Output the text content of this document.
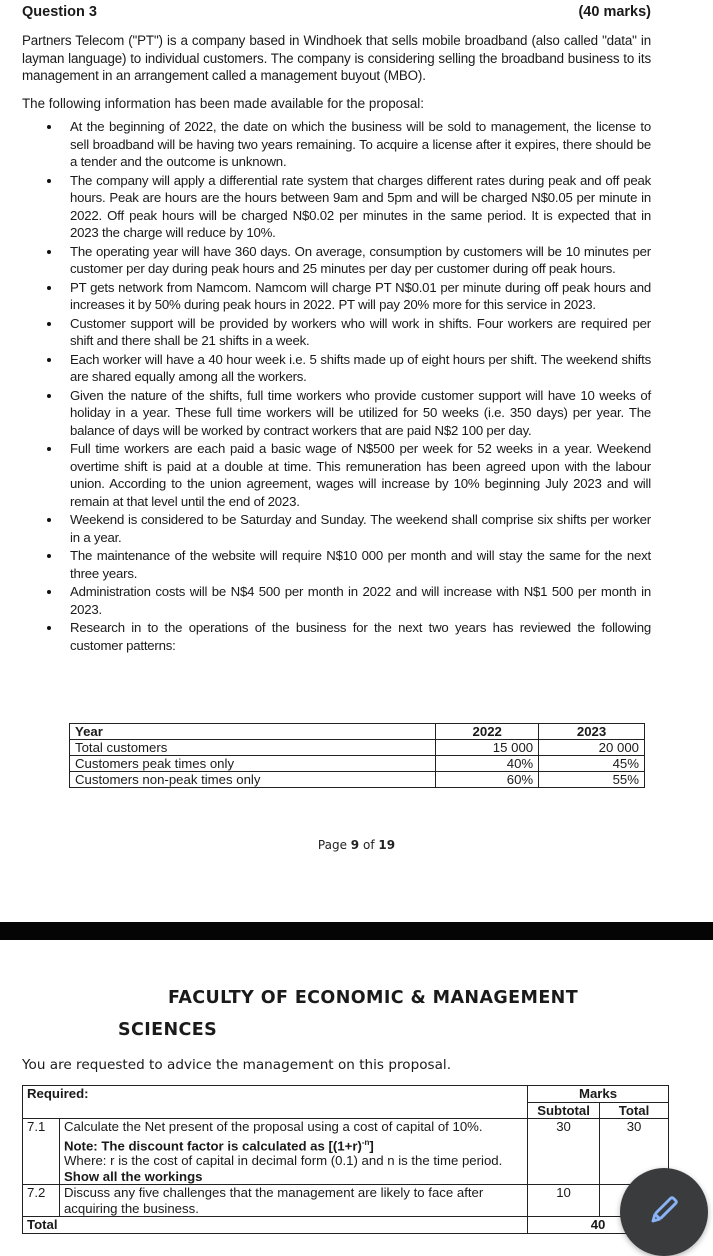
Question 3	(40 marks)
Partners Telecom ("PT") is a company based in Windhoek that sells mobile broadband (also called "data" in layman language) to individual customers. The company is considering selling the broadband business to its management in an arrangement called a management buyout (MBO).
The following information has been made available for the proposal:
At the beginning of 2022, the date on which the business will be sold to management, the license to sell broadband will be having two years remaining. To acquire a license after it expires, there should be a tender and the outcome is unknown.
The company will apply a differential rate system that charges different rates during peak and off peak hours. Peak are hours are the hours between 9am and 5pm and will be charged N$0.05 per minute in 2022. Off peak hours will be charged N$0.02 per minutes in the same period. It is expected that in 2023 the charge will reduce by 10%.
The operating year will have 360 days. On average, consumption by customers will be 10 minutes per customer per day during peak hours and 25 minutes per day per customer during off peak hours.
PT gets network from Namcom. Namcom will charge PT N$0.01 per minute during off peak hours and increases it by 50% during peak hours in 2022. PT will pay 20% more for this service in 2023.
Customer support will be provided by workers who will work in shifts. Four workers are required per shift and there shall be 21 shifts in a week.
Each worker will have a 40 hour week i.e. 5 shifts made up of eight hours per shift. The weekend shifts are shared equally among all the workers.
Given the nature of the shifts, full time workers who provide customer support will have 10 weeks of holiday in a year. These full time workers will be utilized for 50 weeks (i.e. 350 days) per year. The balance of days will be worked by contract workers that are paid N$2 100 per day.
Full time workers are each paid a basic wage of N$500 per week for 52 weeks in a year. Weekend overtime shift is paid at a double at time. This remuneration has been agreed upon with the labour union. According to the union agreement, wages will increase by 10% beginning July 2023 and will remain at that level until the end of 2023.
Weekend is considered to be Saturday and Sunday. The weekend shall comprise six shifts per worker in a year.
The maintenance of the website will require N$10 000 per month and will stay the same for the next three years.
Administration costs will be N$4 500 per month in 2022 and will increase with N$1 500 per month in 2023.
Research in to the operations of the business for the next two years has reviewed the following customer patterns:
Year	2022	2023
Total customers	15 000	20 000
Customers peak times only	40%	45%
Customers non-peak times only	60%	55%
Page 9 of 19
FACULTY OF ECONOMIC & MANAGEMENT
SCIENCES
You are requested to advice the management on this proposal.
Required:		Marks	
		Subtotal	Total
7.1	Calculate the Net present of the proposal using a cost of capital of 10%.
Note: The discount factor is calculated as $[(1+r)^{-n}]$
Where: r is the cost of capital in decimal form (0.1) and n is the time period.
Show all the workings	30	30
7.2	Discuss any five challenges that the management are likely to face after acquiring the business.	10	
Total		40	
